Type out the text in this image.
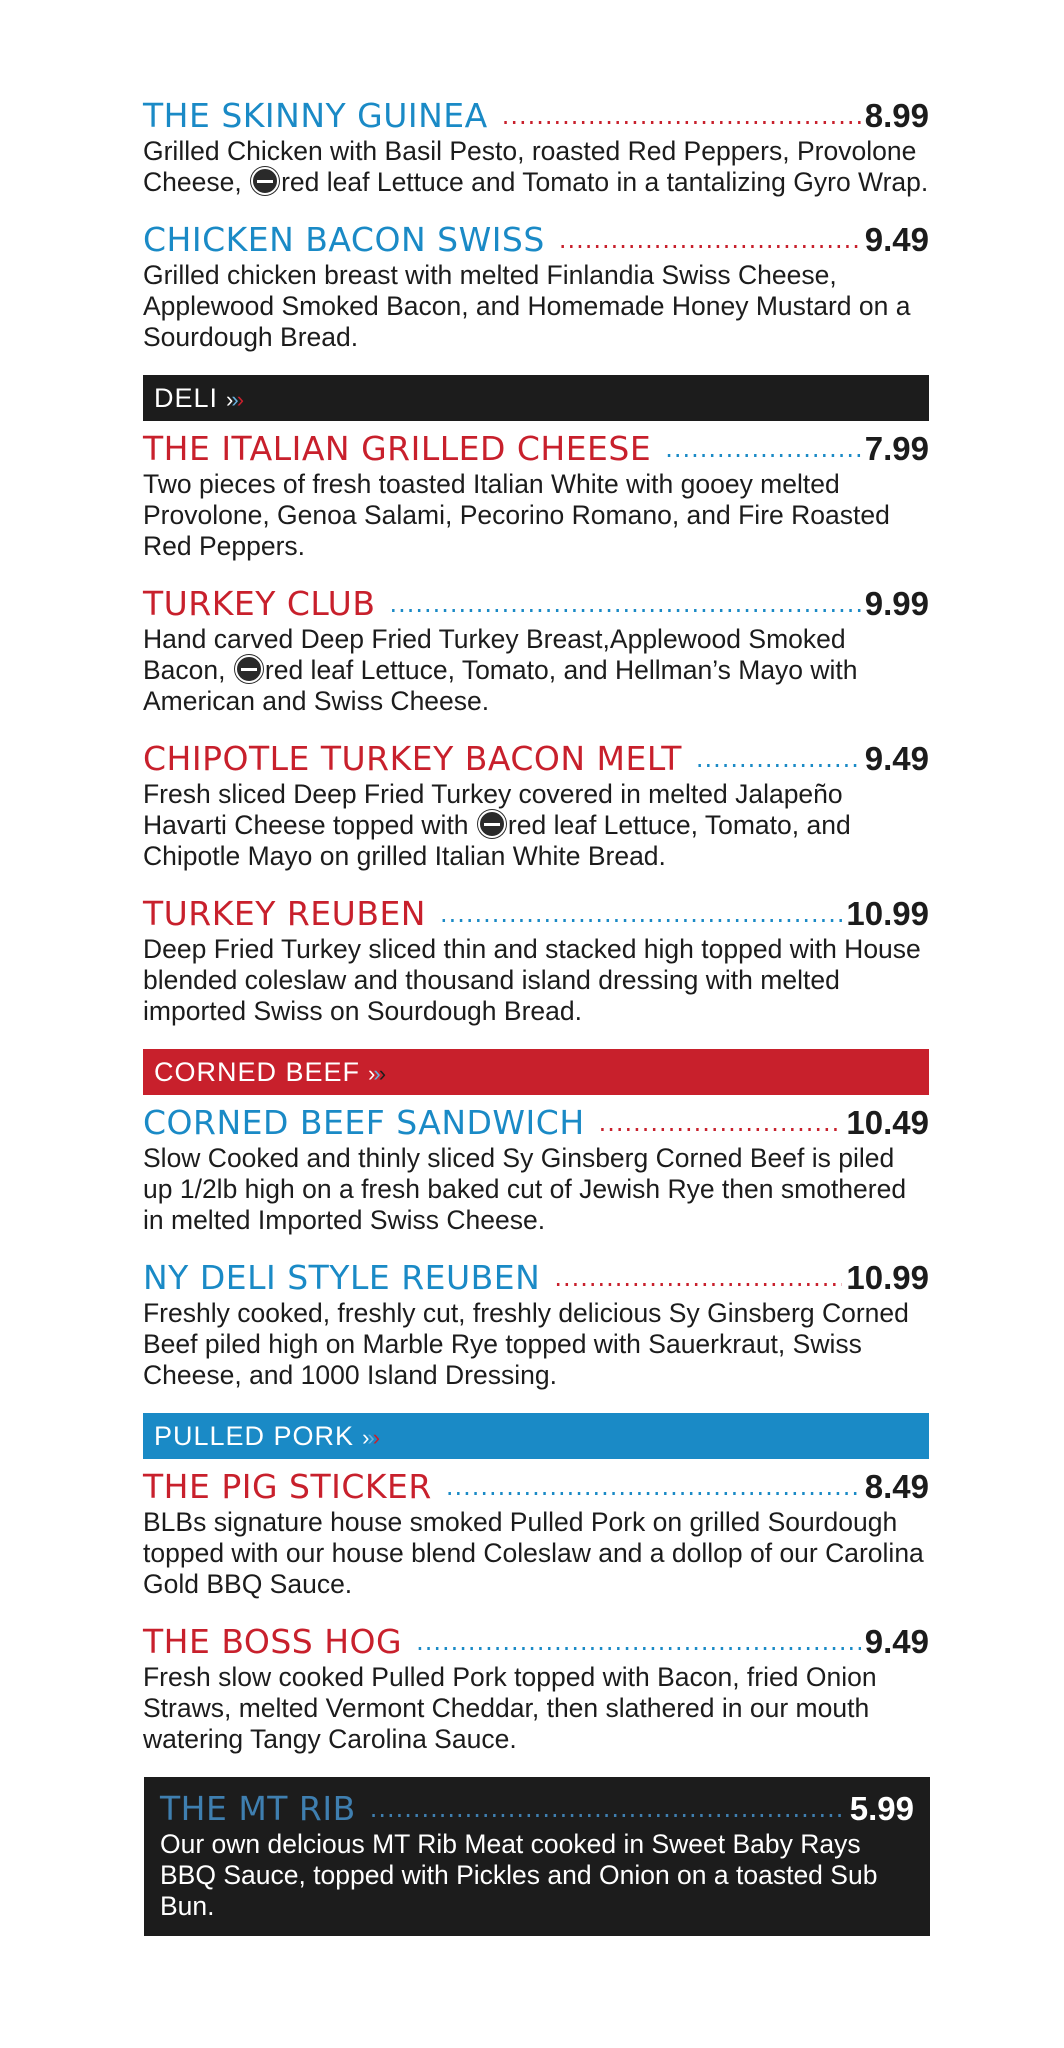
THE SKINNY GUINEA .....	8.99
Grilled Chicken with Basil Pesto, roasted Red Peppers, Provolone Cheese, red leaf Lettuce and Tomato in a tantalizing Gyro Wrap.
CHICKEN BACON SWISS .....	9.49
Grilled chicken breast with melted Finlandia Swiss Cheese, Applewood Smoked Bacon, and Homemade Honey Mustard on a Sourdough Bread.
DELI ›››
THE ITALIAN GRILLED CHEESE .....	7.99
Two pieces of fresh toasted Italian White with gooey melted Provolone, Genoa Salami, Pecorino Romano, and Fire Roasted Red Peppers.
TURKEY CLUB .....	9.99
Hand carved Deep Fried Turkey Breast,Applewood Smoked Bacon, red leaf Lettuce, Tomato, and Hellman’s Mayo with American and Swiss Cheese.
CHIPOTLE TURKEY BACON MELT .....	9.49
Fresh sliced Deep Fried Turkey covered in melted Jalapeño Havarti Cheese topped with red leaf Lettuce, Tomato, and Chipotle Mayo on grilled Italian White Bread.
TURKEY REUBEN .....	10.99
Deep Fried Turkey sliced thin and stacked high topped with House blended coleslaw and thousand island dressing with melted imported Swiss on Sourdough Bread.
CORNED BEEF ›››
CORNED BEEF SANDWICH .....	10.49
Slow Cooked and thinly sliced Sy Ginsberg Corned Beef is piled up 1/2lb high on a fresh baked cut of Jewish Rye then smothered in melted Imported Swiss Cheese.
NY DELI STYLE REUBEN .....	10.99
Freshly cooked, freshly cut, freshly delicious Sy Ginsberg Corned Beef piled high on Marble Rye topped with Sauerkraut, Swiss Cheese, and 1000 Island Dressing.
PULLED PORK ›››
THE PIG STICKER .....	8.49
BLBs signature house smoked Pulled Pork on grilled Sourdough topped with our house blend Coleslaw and a dollop of our Carolina Gold BBQ Sauce.
THE BOSS HOG .....	9.49
Fresh slow cooked Pulled Pork topped with Bacon, fried Onion Straws, melted Vermont Cheddar, then slathered in our mouth watering Tangy Carolina Sauce.
THE MT RIB .....	5.99
Our own delcious MT Rib Meat cooked in Sweet Baby Rays BBQ Sauce, topped with Pickles and Onion on a toasted Sub Bun.
